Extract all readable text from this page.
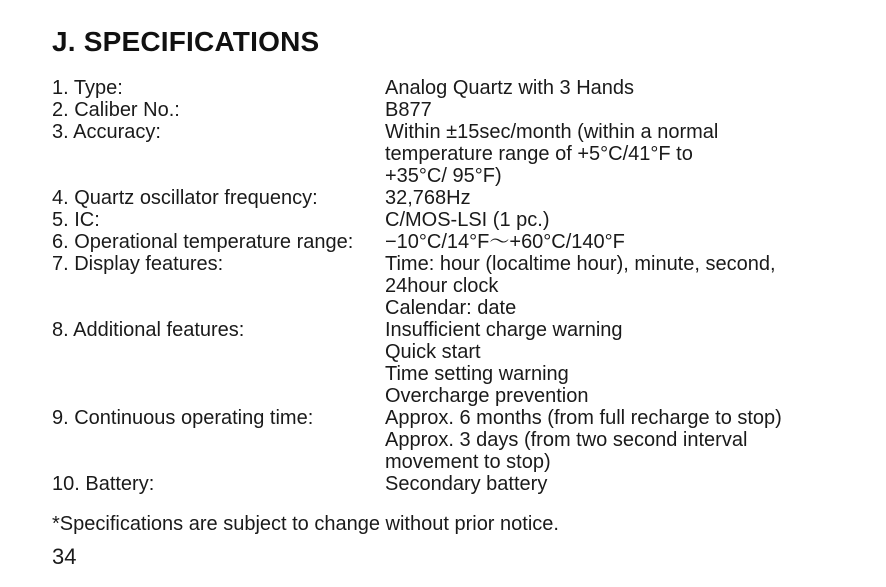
J. SPECIFICATIONS
1. Type:	Analog Quartz with 3 Hands
2. Caliber No.:	B877
3. Accuracy:	Within ±15sec/month (within a normal
temperature range of +5°C/41°F to
+35°C/ 95°F)
4. Quartz oscillator frequency:	32,768Hz
5. IC:	C/MOS-LSI (1 pc.)
6. Operational temperature range:	−10°C/14°F〜+60°C/140°F
7. Display features:	Time: hour (localtime hour), minute, second,
24hour clock
Calendar: date
8. Additional features:	Insufficient charge warning
Quick start
Time setting warning
Overcharge prevention
9. Continuous operating time:	Approx. 6 months (from full recharge to stop)
Approx. 3 days (from two second interval
movement to stop)
10. Battery:	Secondary battery
*Specifications are subject to change without prior notice.
34
